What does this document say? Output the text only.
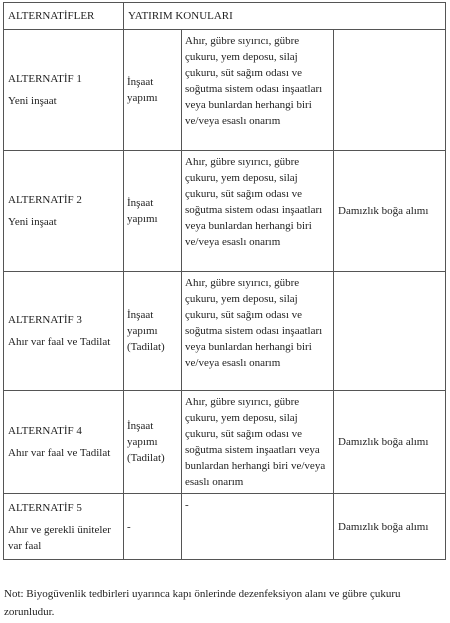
ALTERNATİFLER	YATIRIM KONULARI		

ALTERNATİF 1
Yeni inşaat	İnşaat yapımı	Ahır, gübre sıyırıcı, gübre çukuru, yem deposu, silaj çukuru, süt sağım odası ve soğutma sistem odası inşaatları veya bunlardan herhangi biri ve/veya esaslı onarım	

ALTERNATİF 2
Yeni inşaat	İnşaat yapımı	Ahır, gübre sıyırıcı, gübre çukuru, yem deposu, silaj çukuru, süt sağım odası ve soğutma sistem odası inşaatları veya bunlardan herhangi biri ve/veya esaslı onarım	Damızlık boğa alımı

ALTERNATİF 3
Ahır var faal ve Tadilat	İnşaat yapımı (Tadilat)	Ahır, gübre sıyırıcı, gübre çukuru, yem deposu, silaj çukuru, süt sağım odası ve soğutma sistem odası inşaatları veya bunlardan herhangi biri ve/veya esaslı onarım	

ALTERNATİF 4
Ahır var faal ve Tadilat	İnşaat yapımı (Tadilat)	Ahır, gübre sıyırıcı, gübre çukuru, yem deposu, silaj çukuru, süt sağım odası ve soğutma sistem inşaatları veya bunlardan herhangi biri ve/veya esaslı onarım	Damızlık boğa alımı

ALTERNATİF 5
Ahır ve gerekli üniteler var faal	-	-	Damızlık boğa alımı
Not: Biyogüvenlik tedbirleri uyarınca kapı önlerinde dezenfeksiyon alanı ve gübre çukuru zorunludur.
